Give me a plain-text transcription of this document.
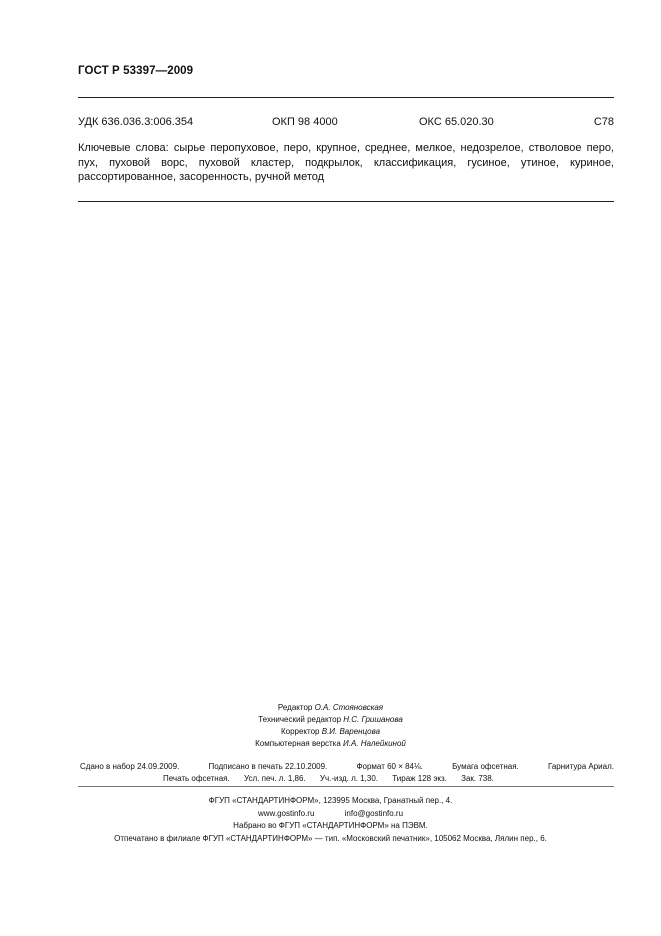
ГОСТ Р 53397—2009
УДК 636.036.3:006.354	ОКП 98 4000	ОКС 65.020.30	С78
Ключевые слова: сырье перопуховое, перо, крупное, среднее, мелкое, недозрелое, стволовое перо, пух, пуховой ворс, пуховой кластер, подкрылок, классификация, гусиное, утиное, куриное, рассортированное, засоренность, ручной метод
Редактор О.А. Стояновская
Технический редактор Н.С. Гришанова
Корректор В.И. Варенцова
Компьютерная верстка И.А. Налейкиной
Сдано в набор 24.09.2009.	Подписано в печать 22.10.2009.	Формат 60 × 84⅛.	Бумага офсетная.	Гарнитура Ариал.
Печать офсетная. Усл. печ. л. 1,86. Уч.-изд. л. 1,30. Тираж 128 экз. Зак. 738.
ФГУП «СТАНДАРТИНФОРМ», 123995 Москва, Гранатный пер., 4.
www.gostinfo.ru	info@gostinfo.ru
Набрано во ФГУП «СТАНДАРТИНФОРМ» на ПЭВМ.
Отпечатано в филиале ФГУП «СТАНДАРТИНФОРМ» — тип. «Московский печатник», 105062 Москва, Лялин пер., 6.
